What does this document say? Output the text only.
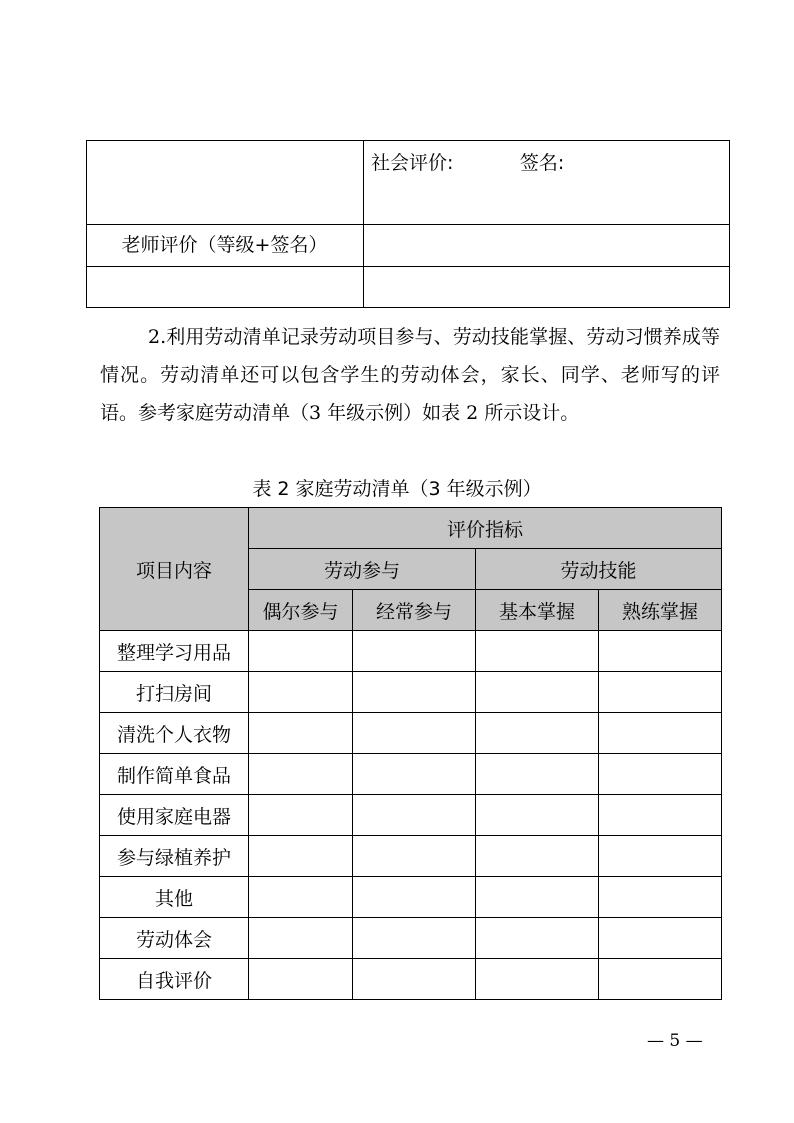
社会评价:	签名:
老师评价（等级+签名）
2.利用劳动清单记录劳动项目参与、劳动技能掌握、劳动习惯养成等情况。劳动清单还可以包含学生的劳动体会，家长、同学、老师写的评语。参考家庭劳动清单（3 年级示例）如表 2 所示设计。
表 2 家庭劳动清单（3 年级示例）
项目内容	评价指标			
	劳动参与		劳动技能	
	偶尔参与	经常参与	基本掌握	熟练掌握
整理学习用品				
打扫房间				
清洗个人衣物				
制作简单食品				
使用家庭电器				
参与绿植养护				
其他				
劳动体会				
自我评价				
— 5 —
